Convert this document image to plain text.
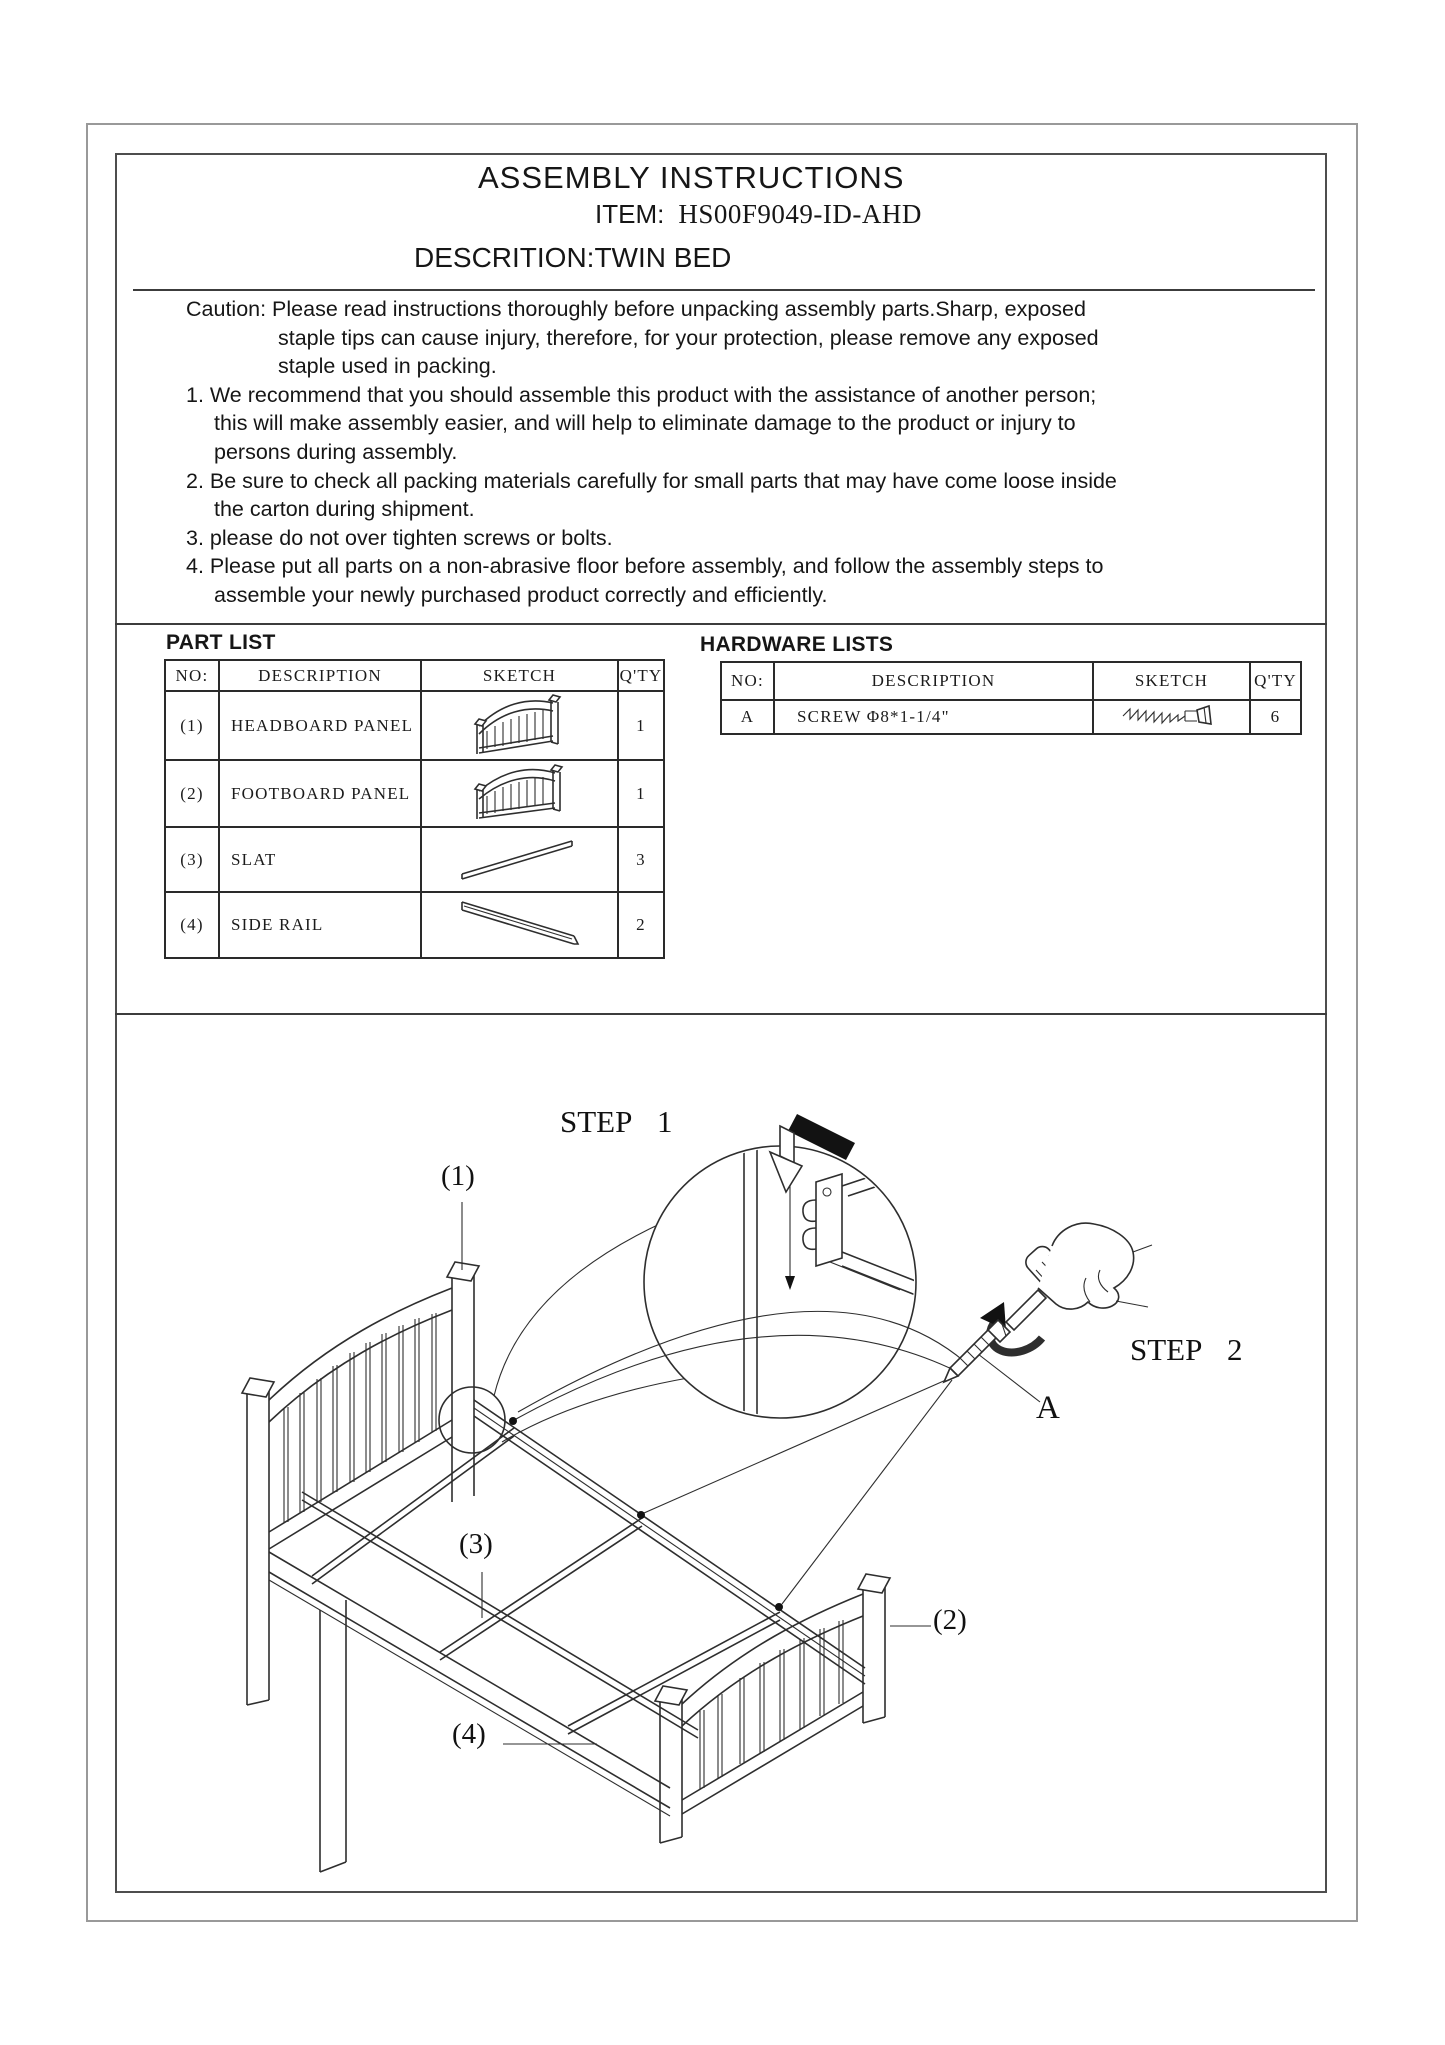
ASSEMBLY INSTRUCTIONS
ITEM: HS00F9049-ID-AHD
DESCRITION:TWIN BED
Caution: Please read instructions thoroughly before unpacking assembly parts.Sharp, exposed
staple tips can cause injury, therefore, for your protection, please remove any exposed
staple used in packing.
1. We recommend that you should assemble this product with the assistance of another person;
this will make assembly easier, and will help to eliminate damage to the product or injury to
persons during assembly.
2. Be sure to check all packing materials carefully for small parts that may have come loose inside
the carton during shipment.
3. please do not over tighten screws or bolts.
4. Please put all parts on a non-abrasive floor before assembly, and follow the assembly steps to
assemble your newly purchased product correctly and efficiently.
PART LIST
NO:	DESCRIPTION	SKETCH	Q'TY
(1)	HEADBOARD PANEL		1
(2)	FOOTBOARD PANEL		1
(3)	SLAT		3
(4)	SIDE RAIL		2
HARDWARE LISTS
NO:	DESCRIPTION	SKETCH	Q'TY
A	SCREW Φ8*1-1/4"		6
STEP 1
STEP 2
(1)
(2)
(3)
(4)
A
